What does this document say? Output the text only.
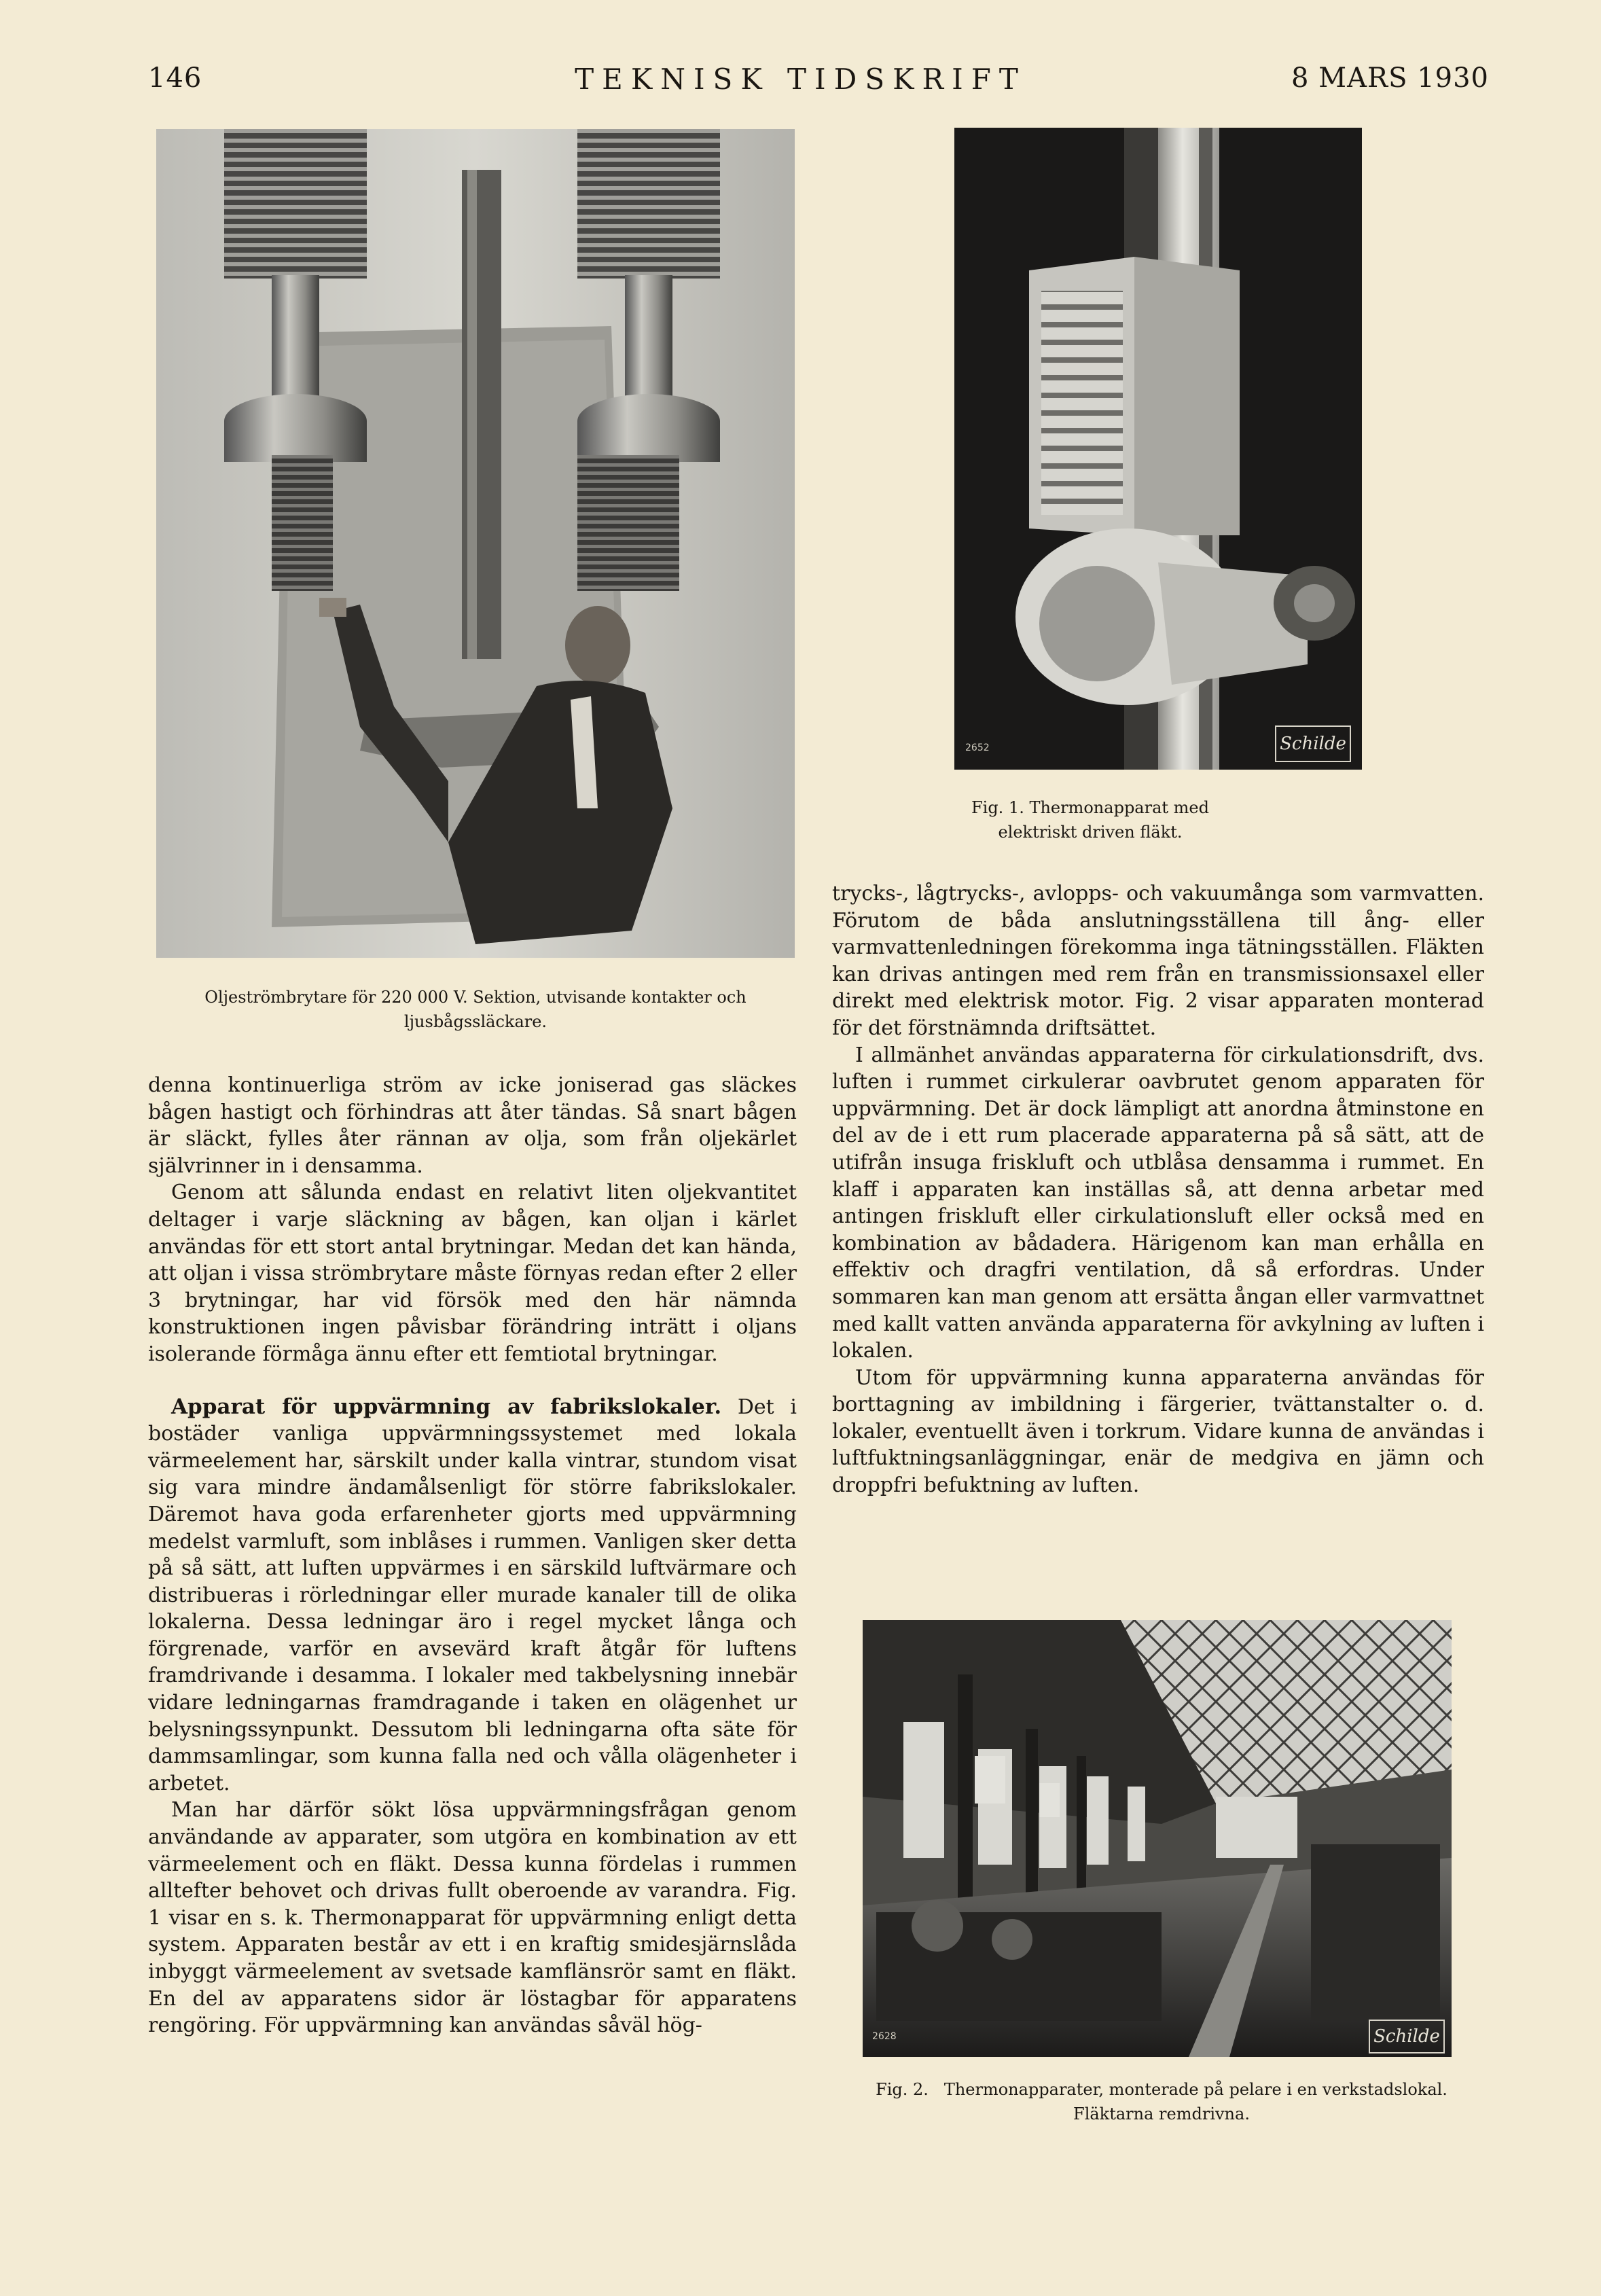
146	TEKNISK TIDSKRIFT	8 MARS 1930
Oljeströmbrytare för 220 000 V. Sektion, utvisande kontakter och ljusbågssläckare.
2652	Schilde
Fig. 1. Thermonapparat med elektriskt driven fläkt.
2628	Schilde
Fig. 2. Thermonapparater, monterade på pelare i en verkstadslokal. Fläktarna remdrivna.

denna kontinuerliga ström av icke joniserad gas släckes bågen hastigt och förhindras att åter tändas. Så snart bågen är släckt, fylles åter rännan av olja, som från oljekärlet självrinner in i densamma.

Genom att sålunda endast en relativt liten oljekvantitet deltager i varje släckning av bågen, kan oljan i kärlet användas för ett stort antal brytningar. Medan det kan hända, att oljan i vissa strömbrytare måste förnyas redan efter 2 eller 3 brytningar, har vid försök med den här nämnda konstruktionen ingen påvisbar förändring inträtt i oljans isolerande förmåga ännu efter ett femtiotal brytningar.

Apparat för uppvärmning av fabrikslokaler. Det i bostäder vanliga uppvärmningssystemet med lokala värmeelement har, särskilt under kalla vintrar, stundom visat sig vara mindre ändamålsenligt för större fabrikslokaler. Däremot hava goda erfarenheter gjorts med uppvärmning medelst varmluft, som inblåses i rummen. Vanligen sker detta på så sätt, att luften uppvärmes i en särskild luftvärmare och distribueras i rörledningar eller murade kanaler till de olika lokalerna. Dessa ledningar äro i regel mycket långa och förgrenade, varför en avsevärd kraft åtgår för luftens framdrivande i desamma. I lokaler med takbelysning innebär vidare ledningarnas framdragande i taken en olägenhet ur belysningssynpunkt. Dessutom bli ledningarna ofta säte för dammsamlingar, som kunna falla ned och vålla olägenheter i arbetet.

Man har därför sökt lösa uppvärmningsfrågan genom användande av apparater, som utgöra en kombination av ett värmeelement och en fläkt. Dessa kunna fördelas i rummen alltefter behovet och drivas fullt oberoende av varandra. Fig. 1 visar en s. k. Thermonapparat för uppvärmning enligt detta system. Apparaten består av ett i en kraftig smidesjärnslåda inbyggt värmeelement av svetsade kamflänsrör samt en fläkt. En del av apparatens sidor är löstagbar för apparatens rengöring. För uppvärmning kan användas såväl hög-

trycks-, lågtrycks-, avlopps- och vakuumånga som varmvatten. Förutom de båda anslutningsställena till ång- eller varmvattenledningen förekomma inga tätningsställen. Fläkten kan drivas antingen med rem från en transmissionsaxel eller direkt med elektrisk motor. Fig. 2 visar apparaten monterad för det förstnämnda driftsättet.

I allmänhet användas apparaterna för cirkulationsdrift, dvs. luften i rummet cirkulerar oavbrutet genom apparaten för uppvärmning. Det är dock lämpligt att anordna åtminstone en del av de i ett rum placerade apparaterna på så sätt, att de utifrån insuga friskluft och utblåsa densamma i rummet. En klaff i apparaten kan inställas så, att denna arbetar med antingen friskluft eller cirkulationsluft eller också med en kombination av bådadera. Härigenom kan man erhålla en effektiv och dragfri ventilation, då så erfordras. Under sommaren kan man genom att ersätta ångan eller varmvattnet med kallt vatten använda apparaterna för avkylning av luften i lokalen.

Utom för uppvärmning kunna apparaterna användas för borttagning av imbildning i färgerier, tvättanstalter o. d. lokaler, eventuellt även i torkrum. Vidare kunna de användas i luftfuktningsanläggningar, enär de medgiva en jämn och droppfri befuktning av luften.
